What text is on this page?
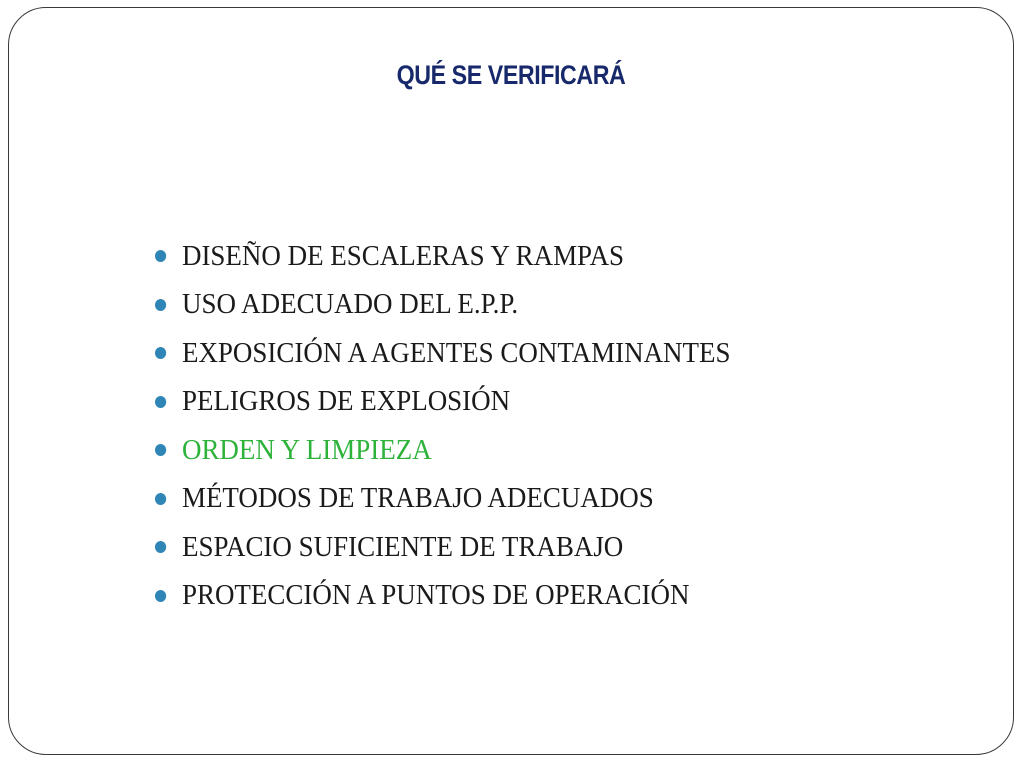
QUÉ SE VERIFICARÁ
DISEÑO DE ESCALERAS Y RAMPAS
USO ADECUADO DEL E.P.P.
EXPOSICIÓN A AGENTES CONTAMINANTES
PELIGROS DE EXPLOSIÓN
ORDEN Y LIMPIEZA
MÉTODOS DE TRABAJO ADECUADOS
ESPACIO SUFICIENTE DE TRABAJO
PROTECCIÓN A PUNTOS DE OPERACIÓN
